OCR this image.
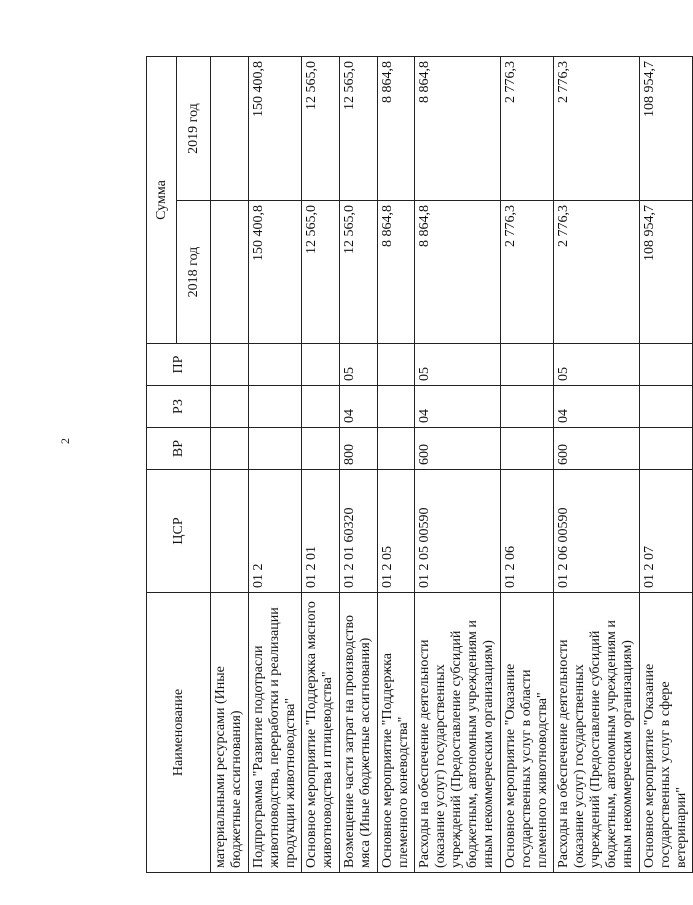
2
Наименование	ЦСР	ВР	РЗ	ПР	Сумма	
					2018 год	2019 год
материальными ресурсами (Иные бюджетные ассигнования)						
Подпрограмма "Развитие подотрасли животноводства, переработки и реализации продукции животноводства"	01 2				150 400,8	150 400,8
Основное мероприятие "Поддержка мясного животноводства и птицеводства"	01 2 01				12 565,0	12 565,0
Возмещение части затрат на производство мяса (Иные бюджетные ассигнования)	01 2 01 60320	800	04	05	12 565,0	12 565,0
Основное мероприятие "Поддержка племенного коневодства"	01 2 05				8 864,8	8 864,8
Расходы на обеспечение деятельности (оказание услуг) государственных учреждений (Предоставление субсидий бюджетным, автономным учреждениям и иным некоммерческим организациям)	01 2 05 00590	600	04	05	8 864,8	8 864,8
Основное мероприятие "Оказание государственных услуг в области племенного животноводства"	01 2 06				2 776,3	2 776,3
Расходы на обеспечение деятельности (оказание услуг) государственных учреждений (Предоставление субсидий бюджетным, автономным учреждениям и иным некоммерческим организациям)	01 2 06 00590	600	04	05	2 776,3	2 776,3
Основное мероприятие "Оказание государственных услуг в сфере ветеринарии"	01 2 07				108 954,7	108 954,7
